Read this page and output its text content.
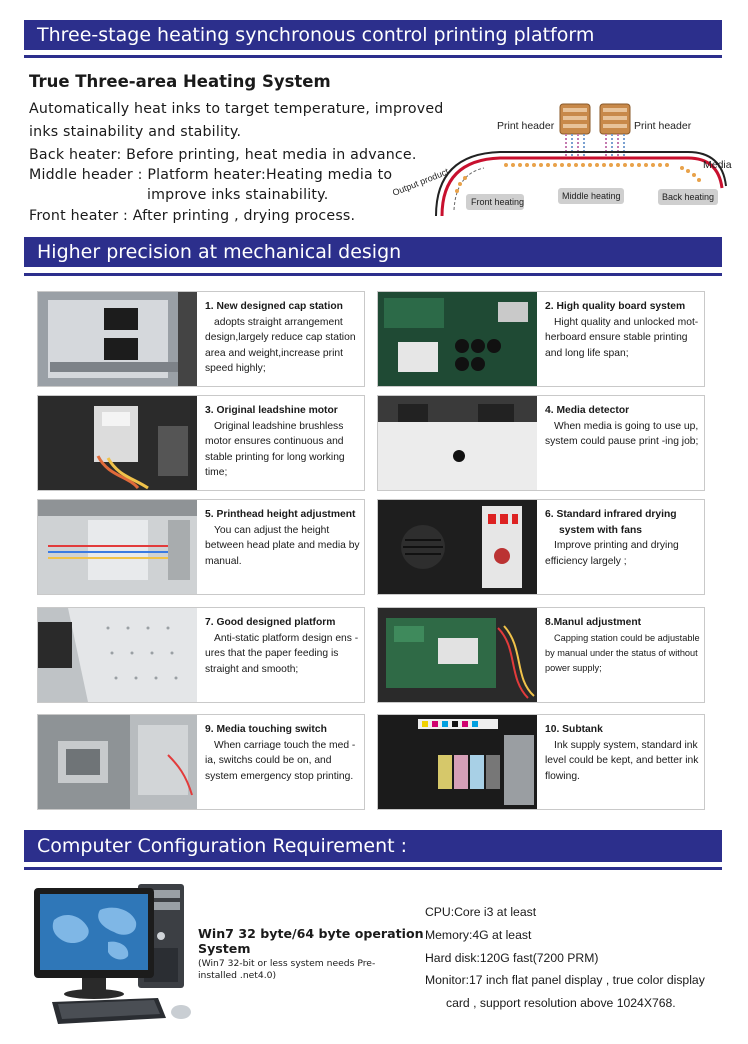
Three-stage heating synchronous control printing platform
True Three-area Heating System
Automatically heat inks to target temperature, improved
inks stainability and stability.
Back heater: Before printing, heat media in advance.
Middle header : Platform heater:Heating media to
improve inks stainability.
Front heater : After printing , drying process.
Print header	Print header
Media
Output product
Front heating
Middle heating	Back heating
Higher precision at mechanical design
1. New designed cap station
adopts straight arrangement design,largely reduce cap station area and weight,increase print speed highly;
2. High quality board system
Hight quality and unlocked mot-herboard ensure stable printing and long life span;
3. Original leadshine motor
Original leadshine brushless motor ensures continuous and stable printing for long working time;
4. Media detector
When media is going to use up, system could pause print -ing job;
5. Printhead height adjustment
You can adjust the height between head plate and media by manual.
6. Standard infrared drying
system with fans
Improve printing and drying efficiency largely ;
7. Good designed platform
Anti-static platform design ens -ures that the paper feeding is straight and smooth;
8.Manul adjustment
Capping station could be adjustable by manual under the status of without power supply;
9. Media touching switch
When carriage touch the med -ia, switchs could be on, and system emergency stop printing.
10. Subtank
Ink supply system, standard ink level could be kept, and better ink flowing.
Computer Configuration Requirement :
Win7 32 byte/64 byte operation System
(Win7 32-bit or less system needs Pre-installed .net4.0)
CPU:Core i3 at least
Memory:4G at least
Hard disk:120G fast(7200 PRM)
Monitor:17 inch flat panel display , true color display
card , support resolution above 1024X768.
